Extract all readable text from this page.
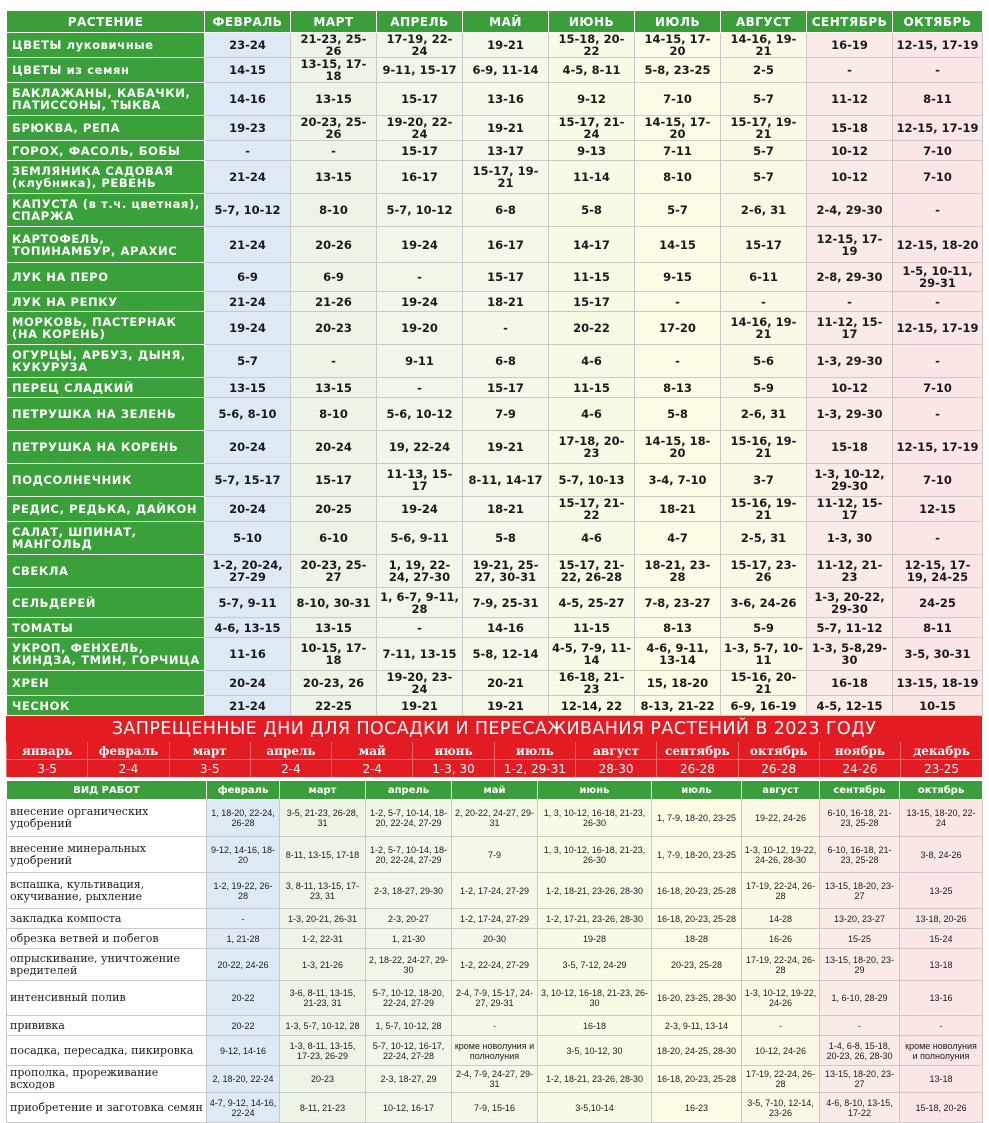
РАСТЕНИЕ	ФЕВРАЛЬ	МАРТ	АПРЕЛЬ	МАЙ	ИЮНЬ	ИЮЛЬ	АВГУСТ	СЕНТЯБРЬ	ОКТЯБРЬ
ЦВЕТЫ луковичные	23-24	21-23, 25-26	17-19, 22-24	19-21	15-18, 20-22	14-15, 17-20	14-16, 19-21	16-19	12-15, 17-19
ЦВЕТЫ из семян	14-15	13-15, 17-18	9-11, 15-17	6-9, 11-14	4-5, 8-11	5-8, 23-25	2-5	-	-
БАКЛАЖАНЫ, КАБАЧКИ, ПАТИССОНЫ, ТЫКВА	14-16	13-15	15-17	13-16	9-12	7-10	5-7	11-12	8-11
БРЮКВА, РЕПА	19-23	20-23, 25-26	19-20, 22-24	19-21	15-17, 21-24	14-15, 17-20	15-17, 19-21	15-18	12-15, 17-19
ГОРОХ, ФАСОЛЬ, БОБЫ	-	-	15-17	13-17	9-13	7-11	5-7	10-12	7-10
ЗЕМЛЯНИКА САДОВАЯ (клубника), РЕВЕНЬ	21-24	13-15	16-17	15-17, 19-21	11-14	8-10	5-7	10-12	7-10
КАПУСТА (в т.ч. цветная), СПАРЖА	5-7, 10-12	8-10	5-7, 10-12	6-8	5-8	5-7	2-6, 31	2-4, 29-30	-
КАРТОФЕЛЬ, ТОПИНАМБУР, АРАХИС	21-24	20-26	19-24	16-17	14-17	14-15	15-17	12-15, 17-19	12-15, 18-20
ЛУК НА ПЕРО	6-9	6-9	-	15-17	11-15	9-15	6-11	2-8, 29-30	1-5, 10-11, 29-31
ЛУК НА РЕПКУ	21-24	21-26	19-24	18-21	15-17	-	-	-	-
МОРКОВЬ, ПАСТЕРНАК (НА КОРЕНЬ)	19-24	20-23	19-20	-	20-22	17-20	14-16, 19-21	11-12, 15-17	12-15, 17-19
ОГУРЦЫ, АРБУЗ, ДЫНЯ, КУКУРУЗА	5-7	-	9-11	6-8	4-6	-	5-6	1-3, 29-30	-
ПЕРЕЦ СЛАДКИЙ	13-15	13-15	-	15-17	11-15	8-13	5-9	10-12	7-10
ПЕТРУШКА НА ЗЕЛЕНЬ	5-6, 8-10	8-10	5-6, 10-12	7-9	4-6	5-8	2-6, 31	1-3, 29-30	-
ПЕТРУШКА НА КОРЕНЬ	20-24	20-24	19, 22-24	19-21	17-18, 20-23	14-15, 18-20	15-16, 19-21	15-18	12-15, 17-19
ПОДСОЛНЕЧНИК	5-7, 15-17	15-17	11-13, 15-17	8-11, 14-17	5-7, 10-13	3-4, 7-10	3-7	1-3, 10-12, 29-30	7-10
РЕДИС, РЕДЬКА, ДАЙКОН	20-24	20-25	19-24	18-21	15-17, 21-22	18-21	15-16, 19-21	11-12, 15-17	12-15
САЛАТ, ШПИНАТ, МАНГОЛЬД	5-10	6-10	5-6, 9-11	5-8	4-6	4-7	2-5, 31	1-3, 30	-
СВЕКЛА	1-2, 20-24, 27-29	20-23, 25-27	1, 19, 22-24, 27-30	19-21, 25-27, 30-31	15-17, 21-22, 26-28	18-21, 23-28	15-17, 23-26	11-12, 21-23	12-15, 17-19, 24-25
СЕЛЬДЕРЕЙ	5-7, 9-11	8-10, 30-31	1, 6-7, 9-11, 28	7-9, 25-31	4-5, 25-27	7-8, 23-27	3-6, 24-26	1-3, 20-22, 29-30	24-25
ТОМАТЫ	4-6, 13-15	13-15	-	14-16	11-15	8-13	5-9	5-7, 11-12	8-11
УКРОП, ФЕНХЕЛЬ, КИНДЗА, ТМИН, ГОРЧИЦА	11-16	10-15, 17-18	7-11, 13-15	5-8, 12-14	4-5, 7-9, 11-14	4-6, 9-11, 13-14	1-3, 5-7, 10-11	1-3, 5-8,29-30	3-5, 30-31
ХРЕН	20-24	20-23, 26	19-20, 23-24	20-21	16-18, 21-23	15, 18-20	15-16, 20-21	16-18	13-15, 18-19
ЧЕСНОК	21-24	22-25	19-21	19-21	12-14, 22	8-13, 21-22	6-9, 16-19	4-5, 12-15	10-15
ЗАПРЕЩЕННЫЕ ДНИ ДЛЯ ПОСАДКИ И ПЕРЕСАЖИВАНИЯ РАСТЕНИЙ В 2023 ГОДУ
январь	февраль	март	апрель	май	июнь	июль	август	сентябрь	октябрь	ноябрь	декабрь
3-5	2-4	3-5	2-4	2-4	1-3, 30	1-2, 29-31	28-30	26-28	26-28	24-26	23-25
ВИД РАБОТ	февраль	март	апрель	май	июнь	июль	август	сентябрь	октябрь
внесение органических удобрений	1, 18-20, 22-24, 26-28	3-5, 21-23, 26-28, 31	1-2, 5-7, 10-14, 18-20, 22-24, 27-29	2, 20-22, 24-27, 29-31	1, 3, 10-12, 16-18, 21-23, 26-30	1, 7-9, 18-20, 23-25	19-22, 24-26	6-10, 16-18, 21-23, 25-28	13-15, 18-20, 22-24
внесение минеральных удобрений	9-12, 14-16, 18-20	8-11, 13-15, 17-18	1-2, 5-7, 10-14, 18-20, 22-24, 27-29	7-9	1, 3, 10-12, 16-18, 21-23, 26-30	1, 7-9, 18-20, 23-25	1-3, 10-12, 19-22, 24-26, 28-30	6-10, 16-18, 21-23, 25-28	3-8, 24-26
вспашка, культивация, окучивание, рыхление	1-2, 19-22, 26-28	3, 8-11, 13-15, 17-23, 31	2-3, 18-27, 29-30	1-2, 17-24, 27-29	1-2, 18-21, 23-26, 28-30	16-18, 20-23, 25-28	17-19, 22-24, 26-28	13-15, 18-20, 23-27	13-25
закладка компоста	-	1-3, 20-21, 26-31	2-3, 20-27	1-2, 17-24, 27-29	1-2, 17-21, 23-26, 28-30	16-18, 20-23, 25-28	14-28	13-20, 23-27	13-18, 20-26
обрезка ветвей и побегов	1, 21-28	1-2, 22-31	1, 21-30	20-30	19-28	18-28	16-26	15-25	15-24
опрыскивание, уничтожение вредителей	20-22, 24-26	1-3, 21-26	2, 18-22, 24-27, 29-30	1-2, 22-24, 27-29	3-5, 7-12, 24-29	20-23, 25-28	17-19, 22-24, 26-28	13-15, 18-20, 23-29	13-18
интенсивный полив	20-22	3-6, 8-11, 13-15, 21-23, 31	5-7, 10-12, 18-20, 22-24, 27-29	2-4, 7-9, 15-17, 24-27, 29-31	3, 10-12, 16-18, 21-23, 26-30	16-20, 23-25, 28-30	1-3, 10-12, 19-22, 24-26	1, 6-10, 28-29	13-16
прививка	20-22	1-3, 5-7, 10-12, 28	1, 5-7, 10-12, 28	-	16-18	2-3, 9-11, 13-14	-	-	-
посадка, пересадка, пикировка	9-12, 14-16	1-3, 8-11, 13-15, 17-23, 26-29	5-7, 10-12, 16-17, 22-24, 27-28	кроме новолуния и полнолуния	3-5, 10-12, 30	18-20, 24-25, 28-30	10-12, 24-26	1-4, 6-8, 15-18, 20-23, 26, 28-30	кроме новолуния и полнолуния
прополка, прореживание всходов	2, 18-20, 22-24	20-23	2-3, 18-27, 29	2-4, 7-9, 24-27, 29-31	1-2, 18-21, 23-26, 28-30	16-18, 20-23, 25-28	17-19, 22-24, 26-28	13-15, 18-20, 23-27	13-18
приобретение и заготовка семян	4-7, 9-12, 14-16, 22-24	8-11, 21-23	10-12, 16-17	7-9, 15-16	3-5,10-14	16-23	3-5, 7-10, 12-14, 23-26	4-6, 8-10, 13-15, 17-22	15-18, 20-26
